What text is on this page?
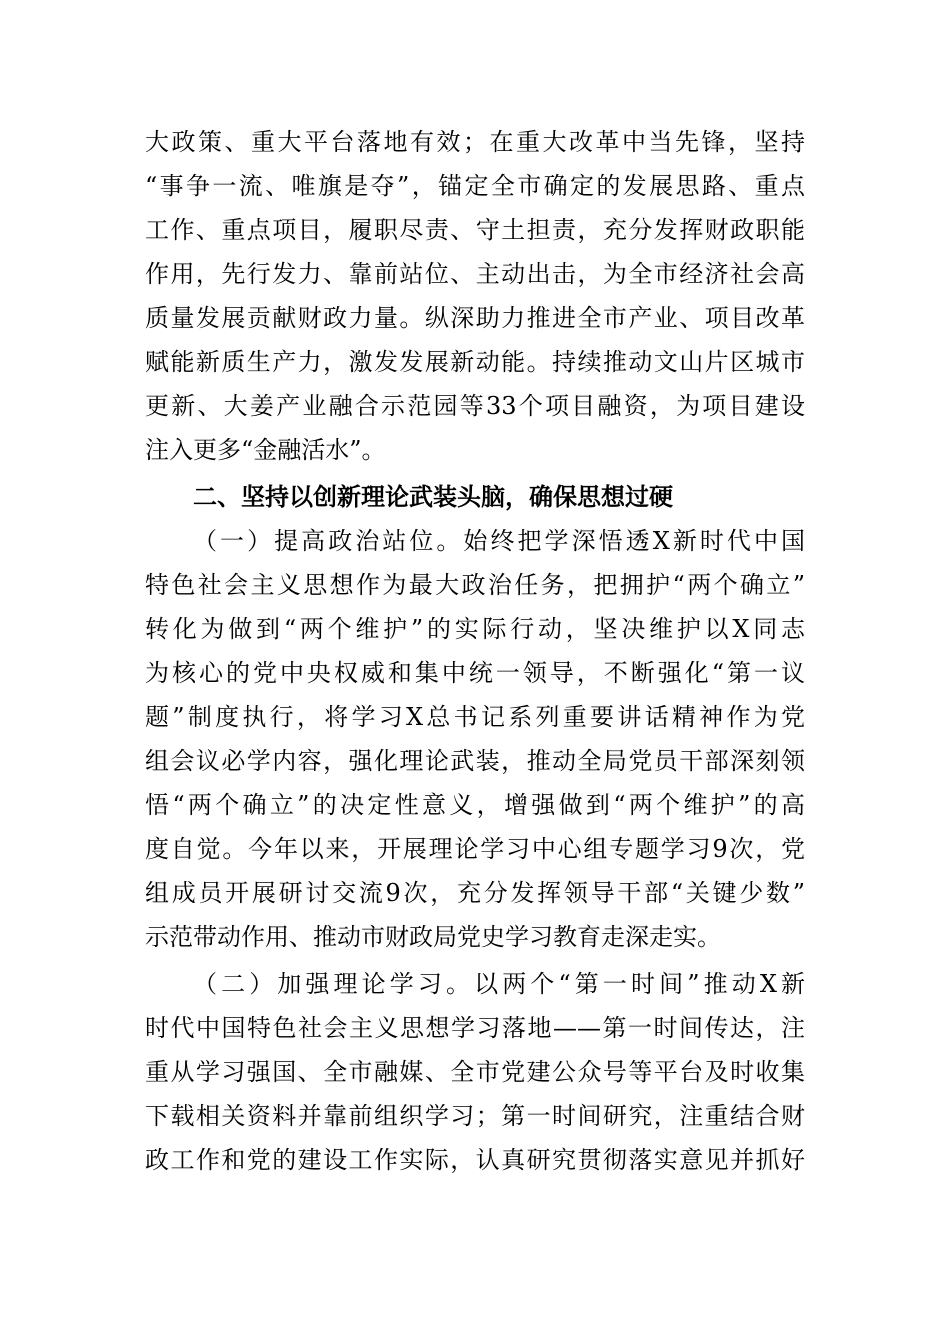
大政策、重大平台落地有效；在重大改革中当先锋，坚持
“事争一流、唯旗是夺”，锚定全市确定的发展思路、重点
工作、重点项目，履职尽责、守土担责，充分发挥财政职能
作用，先行发力、靠前站位、主动出击，为全市经济社会高
质量发展贡献财政力量。纵深助力推进全市产业、项目改革
赋能新质生产力，激发发展新动能。持续推动文山片区城市
更新、大姜产业融合示范园等33个项目融资，为项目建设
注入更多“金融活水”。
二、坚持以创新理论武装头脑，确保思想过硬
（一）提高政治站位。始终把学深悟透X新时代中国
特色社会主义思想作为最大政治任务，把拥护“两个确立”
转化为做到“两个维护”的实际行动，坚决维护以X同志
为核心的党中央权威和集中统一领导，不断强化“第一议
题”制度执行，将学习X总书记系列重要讲话精神作为党
组会议必学内容，强化理论武装，推动全局党员干部深刻领
悟“两个确立”的决定性意义，增强做到“两个维护”的高
度自觉。今年以来，开展理论学习中心组专题学习9次，党
组成员开展研讨交流9次，充分发挥领导干部“关键少数”
示范带动作用、推动市财政局党史学习教育走深走实。
（二）加强理论学习。以两个“第一时间”推动X新
时代中国特色社会主义思想学习落地——第一时间传达，注
重从学习强国、全市融媒、全市党建公众号等平台及时收集
下载相关资料并靠前组织学习；第一时间研究，注重结合财
政工作和党的建设工作实际，认真研究贯彻落实意见并抓好
